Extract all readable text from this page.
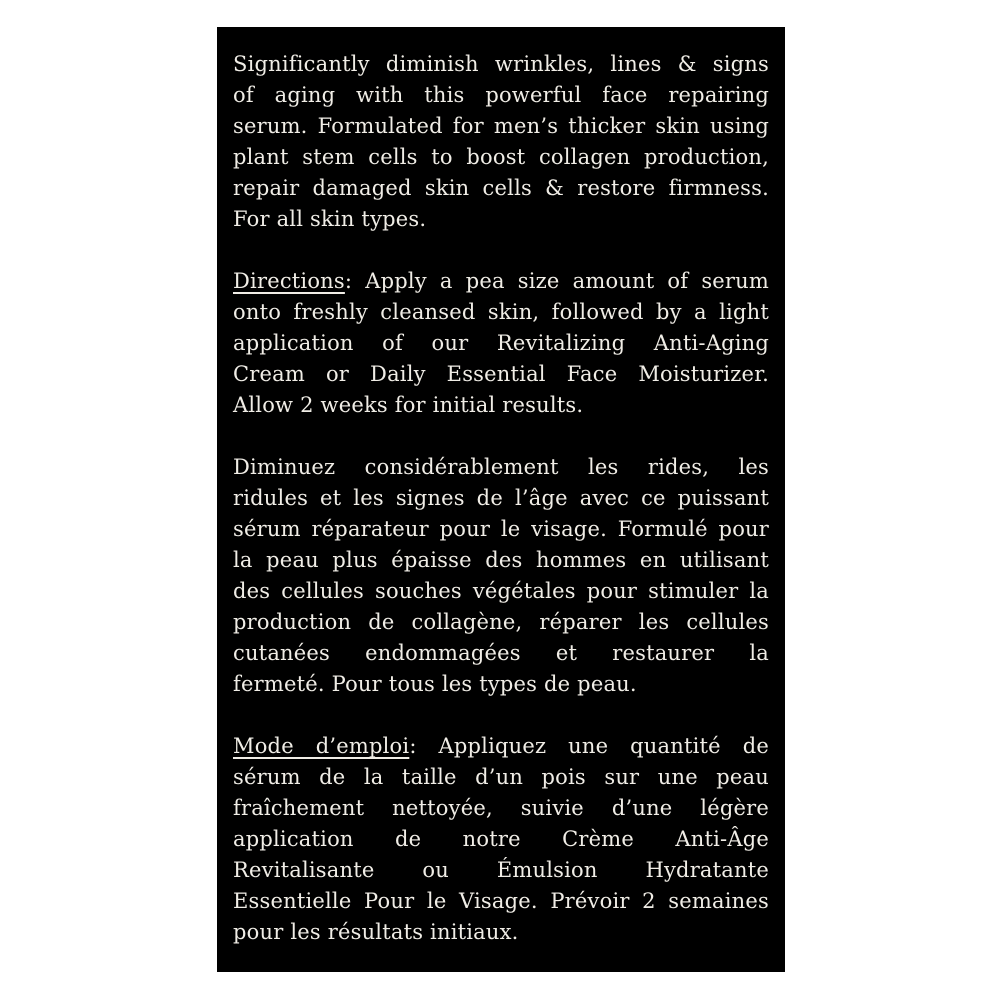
Significantly diminish wrinkles, lines & signs
of aging with this powerful face repairing
serum. Formulated for men’s thicker skin using
plant stem cells to boost collagen production,
repair damaged skin cells & restore firmness.
For all skin types.
Directions: Apply a pea size amount of serum
onto freshly cleansed skin, followed by a light
application of our Revitalizing Anti-Aging
Cream or Daily Essential Face Moisturizer.
Allow 2 weeks for initial results.
Diminuez considérablement les rides, les
ridules et les signes de l’âge avec ce puissant
sérum réparateur pour le visage. Formulé pour
la peau plus épaisse des hommes en utilisant
des cellules souches végétales pour stimuler la
production de collagène, réparer les cellules
cutanées endommagées et restaurer la
fermeté. Pour tous les types de peau.
Mode d’emploi: Appliquez une quantité de
sérum de la taille d’un pois sur une peau
fraîchement nettoyée, suivie d’une légère
application de notre Crème Anti-Âge
Revitalisante ou Émulsion Hydratante
Essentielle Pour le Visage. Prévoir 2 semaines
pour les résultats initiaux.
